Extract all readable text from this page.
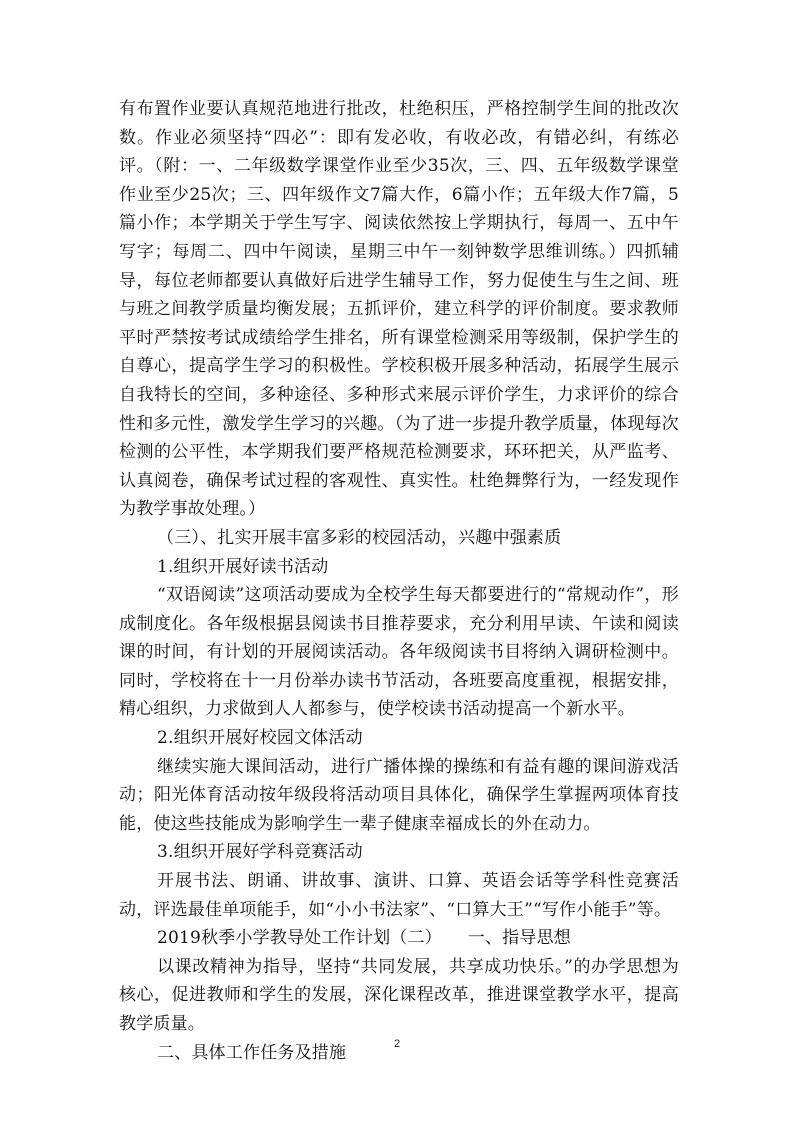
有布置作业要认真规范地进行批改，杜绝积压，严格控制学生间的批改次数。作业必须坚持“四必”：即有发必收，有收必改，有错必纠，有练必评。（附：一、二年级数学课堂作业至少35次，三、四、五年级数学课堂作业至少25次；三、四年级作文7篇大作，6篇小作；五年级大作7篇，5篇小作；本学期关于学生写字、阅读依然按上学期执行，每周一、五中午写字；每周二、四中午阅读，星期三中午一刻钟数学思维训练。）四抓辅导，每位老师都要认真做好后进学生辅导工作，努力促使生与生之间、班与班之间教学质量均衡发展；五抓评价，建立科学的评价制度。要求教师平时严禁按考试成绩给学生排名，所有课堂检测采用等级制，保护学生的自尊心，提高学生学习的积极性。学校积极开展多种活动，拓展学生展示自我特长的空间，多种途径、多种形式来展示评价学生，力求评价的综合性和多元性，激发学生学习的兴趣。（为了进一步提升教学质量，体现每次检测的公平性，本学期我们要严格规范检测要求，环环把关，从严监考、认真阅卷，确保考试过程的客观性、真实性。杜绝舞弊行为，一经发现作为教学事故处理。）

（三）、扎实开展丰富多彩的校园活动，兴趣中强素质

1.组织开展好读书活动

“双语阅读”这项活动要成为全校学生每天都要进行的“常规动作”，形成制度化。各年级根据县阅读书目推荐要求，充分利用早读、午读和阅读课的时间，有计划的开展阅读活动。各年级阅读书目将纳入调研检测中。同时，学校将在十一月份举办读书节活动，各班要高度重视，根据安排，精心组织，力求做到人人都参与，使学校读书活动提高一个新水平。

2.组织开展好校园文体活动

继续实施大课间活动，进行广播体操的操练和有益有趣的课间游戏活动；阳光体育活动按年级段将活动项目具体化，确保学生掌握两项体育技能，使这些技能成为影响学生一辈子健康幸福成长的外在动力。

3.组织开展好学科竞赛活动

开展书法、朗诵、讲故事、演讲、口算、英语会话等学科性竞赛活动，评选最佳单项能手，如“小小书法家”、“口算大王”“写作小能手”等。

2019秋季小学教导处工作计划（二）　　一、指导思想

以课改精神为指导，坚持“共同发展，共享成功快乐。”的办学思想为核心，促进教师和学生的发展，深化课程改革，推进课堂教学水平，提高教学质量。

二、具体工作任务及措施	2
